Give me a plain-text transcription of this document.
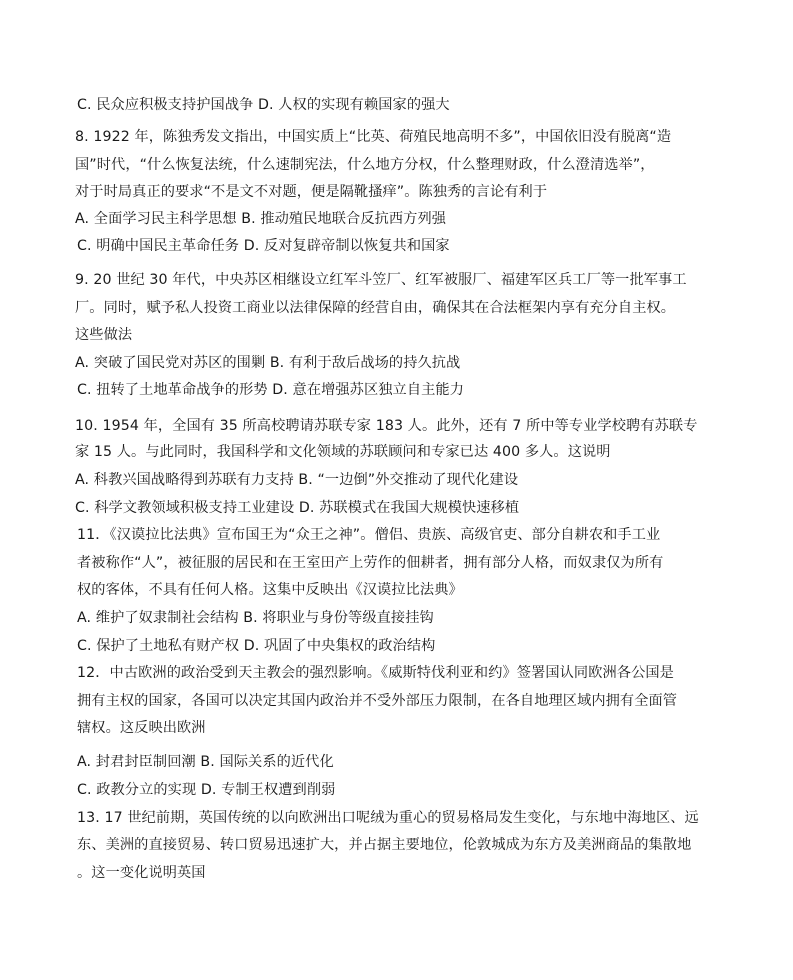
C. 民众应积极支持护国战争 D. 人权的实现有赖国家的强大
8. 1922 年，陈独秀发文指出，中国实质上“比英、荷殖民地高明不多”，中国依旧没有脱离“造
国”时代，“什么恢复法统，什么速制宪法，什么地方分权，什么整理财政，什么澄清选举”，
对于时局真正的要求“不是文不对题，便是隔靴搔痒”。陈独秀的言论有利于
A. 全面学习民主科学思想 B. 推动殖民地联合反抗西方列强
C. 明确中国民主革命任务 D. 反对复辟帝制以恢复共和国家
9. 20 世纪 30 年代，中央苏区相继设立红军斗笠厂、红军被服厂、福建军区兵工厂等一批军事工
厂。同时，赋予私人投资工商业以法律保障的经营自由，确保其在合法框架内享有充分自主权。
这些做法
A. 突破了国民党对苏区的围剿 B. 有利于敌后战场的持久抗战
C. 扭转了土地革命战争的形势 D. 意在增强苏区独立自主能力
10. 1954 年，全国有 35 所高校聘请苏联专家 183 人。此外，还有 7 所中等专业学校聘有苏联专
家 15 人。与此同时，我国科学和文化领域的苏联顾问和专家已达 400 多人。这说明
A. 科教兴国战略得到苏联有力支持 B. “一边倒”外交推动了现代化建设
C. 科学文教领域积极支持工业建设 D. 苏联模式在我国大规模快速移植
11．《汉谟拉比法典》宣布国王为“众王之神”。僧侣、贵族、高级官吏、部分自耕农和手工业
者被称作“人”，被征服的居民和在王室田产上劳作的佃耕者，拥有部分人格，而奴隶仅为所有
权的客体，不具有任何人格。这集中反映出《汉谟拉比法典》
A. 维护了奴隶制社会结构 B. 将职业与身份等级直接挂钩
C. 保护了土地私有财产权 D. 巩固了中央集权的政治结构
12．中古欧洲的政治受到天主教会的强烈影响。《威斯特伐利亚和约》签署国认同欧洲各公国是
拥有主权的国家，各国可以决定其国内政治并不受外部压力限制，在各自地理区域内拥有全面管
辖权。这反映出欧洲
A. 封君封臣制回潮 B. 国际关系的近代化
C. 政教分立的实现 D. 专制王权遭到削弱
13. 17 世纪前期，英国传统的以向欧洲出口呢绒为重心的贸易格局发生变化，与东地中海地区、远
东、美洲的直接贸易、转口贸易迅速扩大，并占据主要地位，伦敦城成为东方及美洲商品的集散地
。这一变化说明英国
